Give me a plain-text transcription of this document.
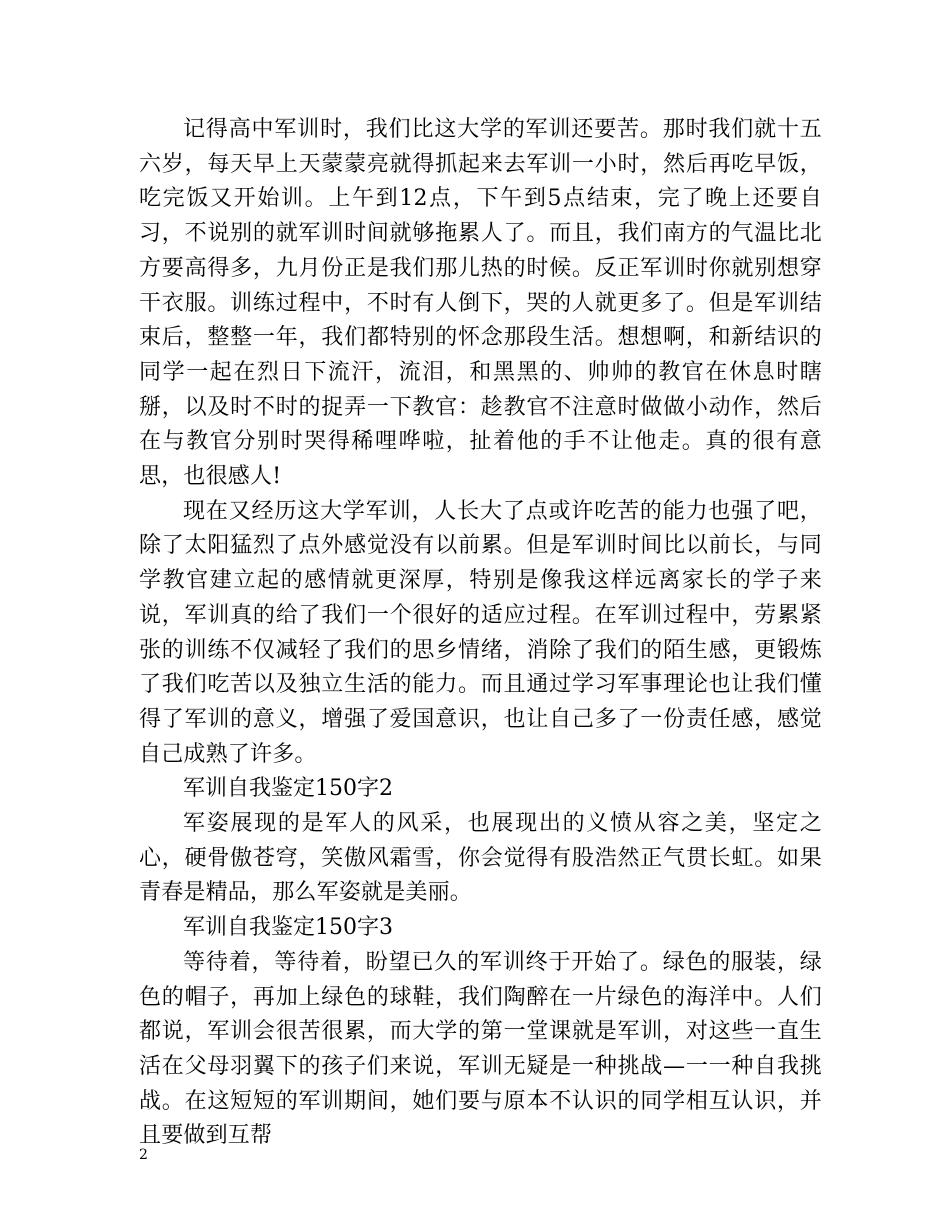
记得高中军训时，我们比这大学的军训还要苦。那时我们就十五六岁，每天早上天蒙蒙亮就得抓起来去军训一小时，然后再吃早饭，吃完饭又开始训。上午到12点，下午到5点结束，完了晚上还要自习，不说别的就军训时间就够拖累人了。而且，我们南方的气温比北方要高得多，九月份正是我们那儿热的时候。反正军训时你就别想穿干衣服。训练过程中，不时有人倒下，哭的人就更多了。但是军训结束后，整整一年，我们都特别的怀念那段生活。想想啊，和新结识的同学一起在烈日下流汗，流泪，和黑黑的、帅帅的教官在休息时瞎掰，以及时不时的捉弄一下教官：趁教官不注意时做做小动作，然后在与教官分别时哭得稀哩哗啦，扯着他的手不让他走。真的很有意思，也很感人!

现在又经历这大学军训，人长大了点或许吃苦的能力也强了吧，除了太阳猛烈了点外感觉没有以前累。但是军训时间比以前长，与同学教官建立起的感情就更深厚，特别是像我这样远离家长的学子来说，军训真的给了我们一个很好的适应过程。在军训过程中，劳累紧张的训练不仅减轻了我们的思乡情绪，消除了我们的陌生感，更锻炼了我们吃苦以及独立生活的能力。而且通过学习军事理论也让我们懂得了军训的意义，增强了爱国意识，也让自己多了一份责任感，感觉自己成熟了许多。

军训自我鉴定150字2

军姿展现的是军人的风采，也展现出的义愤从容之美，坚定之心，硬骨傲苍穹，笑傲风霜雪，你会觉得有股浩然正气贯长虹。如果青春是精品，那么军姿就是美丽。

军训自我鉴定150字3

等待着，等待着，盼望已久的军训终于开始了。绿色的服装，绿色的帽子，再加上绿色的球鞋，我们陶醉在一片绿色的海洋中。人们都说，军训会很苦很累，而大学的第一堂课就是军训，对这些一直生活在父母羽翼下的孩子们来说，军训无疑是一种挑战—一一种自我挑战。在这短短的军训期间，她们要与原本不认识的同学相互认识，并且要做到互帮

2
